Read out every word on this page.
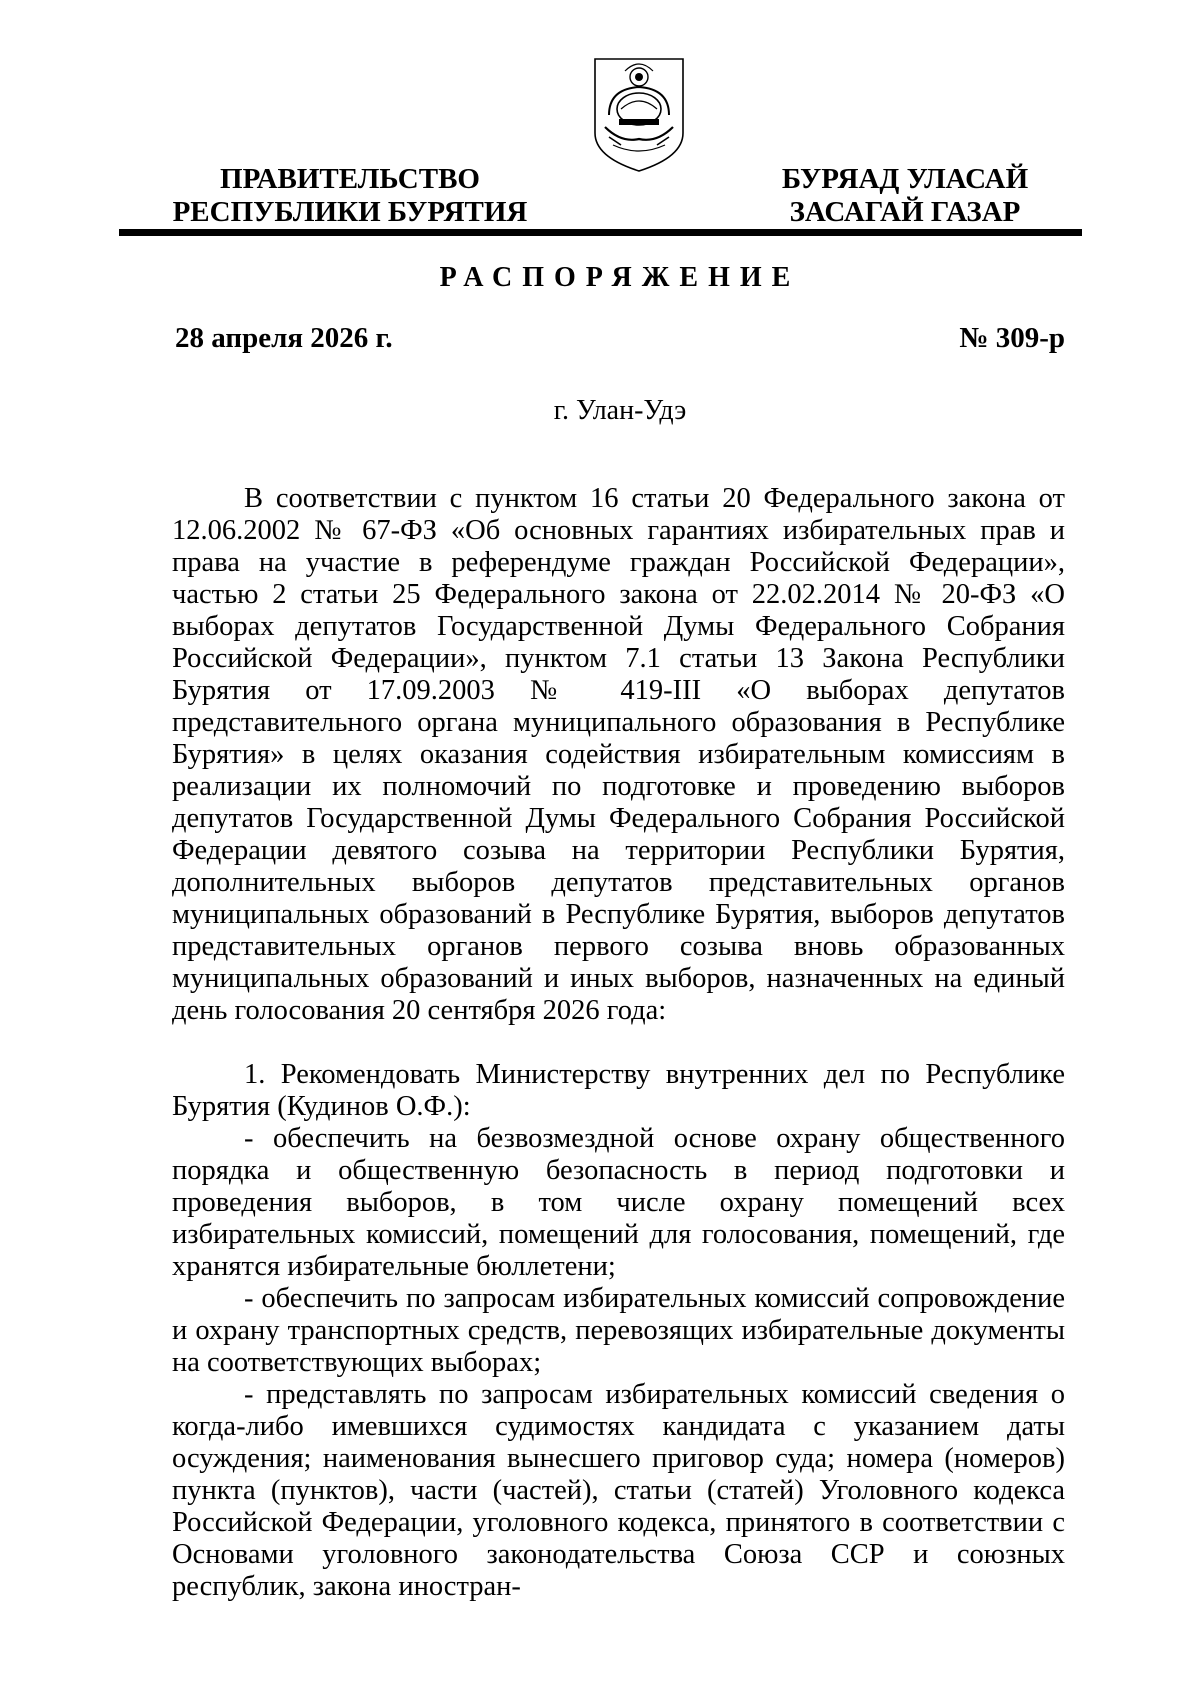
ПРАВИТЕЛЬСТВО
РЕСПУБЛИКИ БУРЯТИЯ
БУРЯАД УЛАСАЙ
ЗАСАГАЙ ГАЗАР
РАСПОРЯЖЕНИЕ
28 апреля 2026 г.	№ 309-р
г. Улан-Удэ

В соответствии с пунктом 16 статьи 20 Федерального закона от 12.06.2002 № 67-ФЗ «Об основных гарантиях избирательных прав и права на участие в референдуме граждан Российской Федерации», частью 2 статьи 25 Федерального закона от 22.02.2014 № 20-ФЗ «О выборах депутатов Государственной Думы Федерального Собрания Российской Федерации», пунктом 7.1 статьи 13 Закона Республики Бурятия от 17.09.2003 № 419-III «О выборах депутатов представительного органа муниципального образования в Республике Бурятия» в целях оказания содействия избирательным комиссиям в реализации их полномочий по подготовке и проведению выборов депутатов Государственной Думы Федерального Собрания Российской Федерации девятого созыва на территории Республики Бурятия, дополнительных выборов депутатов представительных органов муниципальных образований в Республике Бурятия, выборов депутатов представительных органов первого созыва вновь образованных муниципальных образований и иных выборов, назначенных на единый день голосования 20 сентября 2026 года:

1. Рекомендовать Министерству внутренних дел по Республике Бурятия (Кудинов О.Ф.):

- обеспечить на безвозмездной основе охрану общественного порядка и общественную безопасность в период подготовки и проведения выборов, в том числе охрану помещений всех избирательных комиссий, помещений для голосования, помещений, где хранятся избирательные бюллетени;

- обеспечить по запросам избирательных комиссий сопровождение и охрану транспортных средств, перевозящих избирательные документы на соответствующих выборах;

- представлять по запросам избирательных комиссий сведения о когда-либо имевшихся судимостях кандидата с указанием даты осуждения; наименования вынесшего приговор суда; номера (номеров) пункта (пунктов), части (частей), статьи (статей) Уголовного кодекса Российской Федерации, уголовного кодекса, принятого в соответствии с Основами уголовного законодательства Союза ССР и союзных республик, закона иностран-
